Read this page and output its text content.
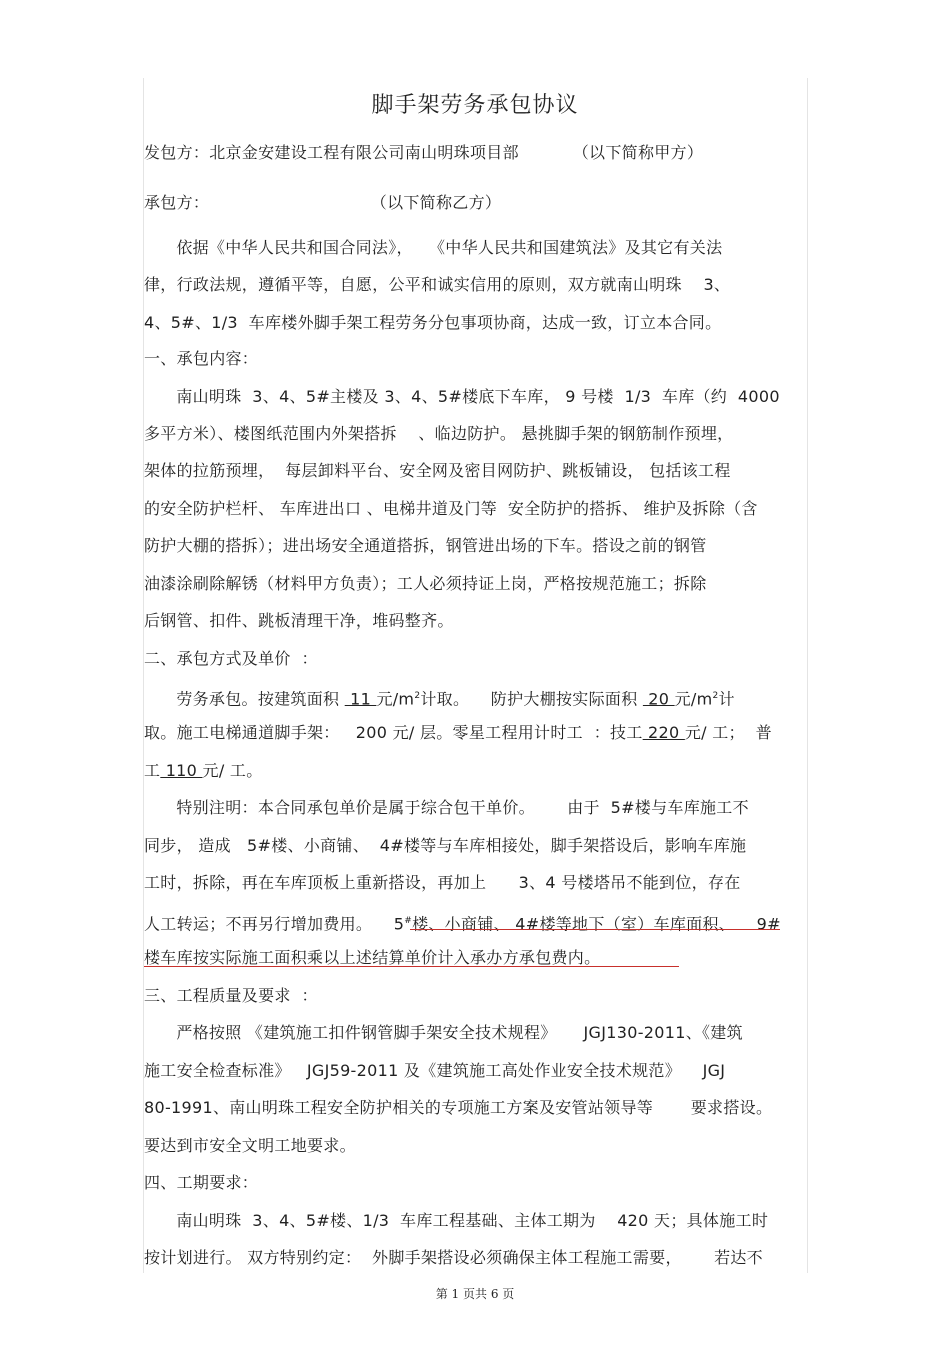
脚手架劳务承包协议
发包方：北京金安建设工程有限公司南山明珠项目部          （以下简称甲方）
承包方：                              （以下简称乙方）
依据《中华人民共和国合同法》，   《中华人民共和国建筑法》及其它有关法
律，行政法规，遵循平等，自愿，公平和诚实信用的原则，双方就南山明珠    3、
4、5#、1/3  车库楼外脚手架工程劳务分包事项协商，达成一致，订立本合同。
一、承包内容：
南山明珠  3、4、5#主楼及 3、4、5#楼底下车库， 9 号楼  1/3  车库（约  4000
多平方米）、楼图纸范围内外架搭拆    、临边防护。 悬挑脚手架的钢筋制作预埋，
架体的拉筋预埋，  每层卸料平台、安全网及密目网防护、跳板铺设， 包括该工程
的安全防护栏杆、 车库进出口 、电梯井道及门等  安全防护的搭拆、 维护及拆除（含
防护大棚的搭拆）；进出场安全通道搭拆，钢管进出场的下车。搭设之前的钢管
油漆涂刷除解锈（材料甲方负责）；工人必须持证上岗，严格按规范施工；拆除
后钢管、扣件、跳板清理干净，堆码整齐。
二、承包方式及单价  ：
劳务承包。按建筑面积  11 元$/m^2$计取。    防护大棚按实际面积  20 元$/m^2$计
取。施工电梯通道脚手架：   200 元/ 层。零星工程用计时工  ：技工 220 元/ 工；  普
工 110 元/ 工。
特别注明：本合同承包单价是属于综合包干单价。      由于  5#楼与车库施工不
同步， 造成   5#楼、小商铺、  4#楼等与车库相接处，脚手架搭设后，影响车库施
工时，拆除，再在车库顶板上重新搭设，再加上      3、4 号楼塔吊不能到位，存在
人工转运；不再另行增加费用。    5#楼、小商铺、 4#楼等地下（室）车库面积、    9#
楼车库按实际施工面积乘以上述结算单价计入承办方承包费内。
三、工程质量及要求  ：
严格按照 《建筑施工扣件钢管脚手架安全技术规程》     JGJ130-2011、《建筑
施工安全检查标准》   JGJ59-2011 及《建筑施工高处作业安全技术规范》    JGJ
80-1991、南山明珠工程安全防护相关的专项施工方案及安管站领导等       要求搭设。
要达到市安全文明工地要求。
四、工期要求：
南山明珠  3、4、5#楼、1/3  车库工程基础、主体工期为    420 天；具体施工时
按计划进行。 双方特别约定：  外脚手架搭设必须确保主体工程施工需要，      若达不
第 1 页共 6 页
